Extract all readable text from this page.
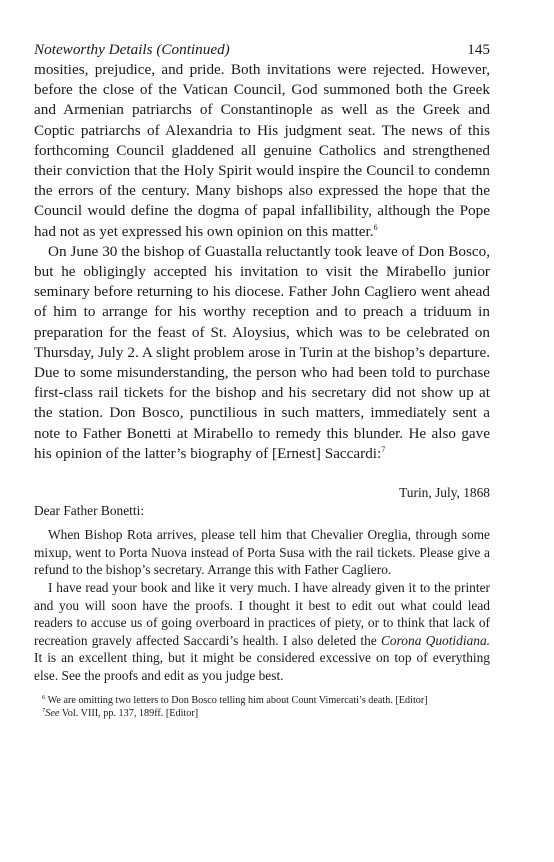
Noteworthy Details (Continued)	145

mosities, prejudice, and pride. Both invitations were rejected. However, before the close of the Vatican Council, God summoned both the Greek and Armenian patriarchs of Constantinople as well as the Greek and Coptic patriarchs of Alexandria to His judgment seat. The news of this forthcoming Council gladdened all genuine Catholics and strengthened their conviction that the Holy Spirit would inspire the Council to condemn the errors of the century. Many bishops also expressed the hope that the Council would define the dogma of papal infallibility, although the Pope had not as yet expressed his own opinion on this matter.$^6$

On June 30 the bishop of Guastalla reluctantly took leave of Don Bosco, but he obligingly accepted his invitation to visit the Mirabello junior seminary before returning to his diocese. Father John Cagliero went ahead of him to arrange for his worthy reception and to preach a triduum in preparation for the feast of St. Aloysius, which was to be celebrated on Thursday, July 2. A slight problem arose in Turin at the bishop’s departure. Due to some misunderstanding, the person who had been told to purchase first-class rail tickets for the bishop and his secretary did not show up at the station. Don Bosco, punctilious in such matters, immediately sent a note to Father Bonetti at Mirabello to remedy this blunder. He also gave his opinion of the latter’s biography of [Ernest] Saccardi:$^7$

Turin, July, 1868
Dear Father Bonetti:

When Bishop Rota arrives, please tell him that Chevalier Oreglia, through some mixup, went to Porta Nuova instead of Porta Susa with the rail tickets. Please give a refund to the bishop’s secretary. Arrange this with Father Cagliero.

I have read your book and like it very much. I have already given it to the printer and you will soon have the proofs. I thought it best to edit out what could lead readers to accuse us of going overboard in practices of piety, or to think that lack of recreation gravely affected Saccardi’s health. I also deleted the Corona Quotidiana. It is an excellent thing, but it might be considered excessive on top of everything else. See the proofs and edit as you judge best.

$^6$ We are omitting two letters to Don Bosco telling him about Count Vimercati’s death. [Editor]

$^7$See Vol. VIII, pp. 137, 189ff. [Editor]
